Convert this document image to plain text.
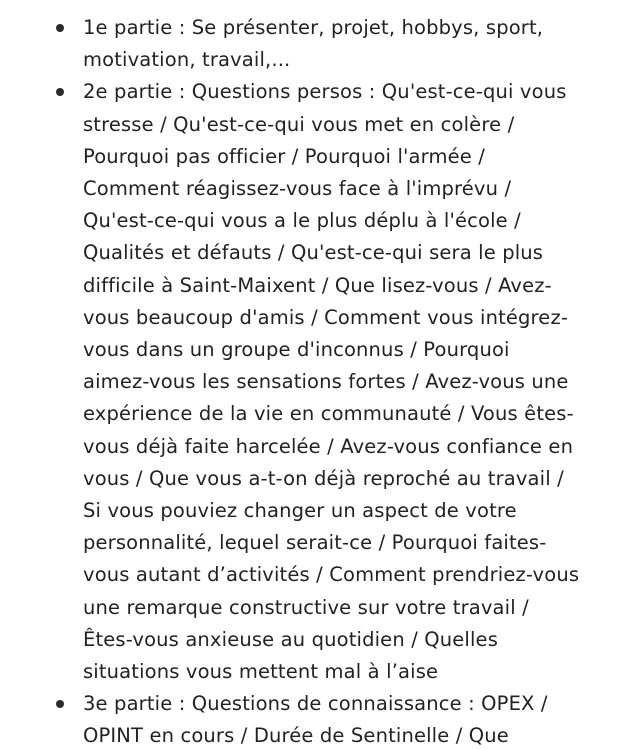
1e partie : Se présenter, projet, hobbys, sport,
motivation, travail,...
2e partie : Questions persos : Qu'est-ce-qui vous
stresse / Qu'est-ce-qui vous met en colère /
Pourquoi pas officier / Pourquoi l'armée /
Comment réagissez-vous face à l'imprévu /
Qu'est-ce-qui vous a le plus déplu à l'école /
Qualités et défauts / Qu'est-ce-qui sera le plus
difficile à Saint-Maixent / Que lisez-vous / Avez-
vous beaucoup d'amis / Comment vous intégrez-
vous dans un groupe d'inconnus / Pourquoi
aimez-vous les sensations fortes / Avez-vous une
expérience de la vie en communauté / Vous êtes-
vous déjà faite harcelée / Avez-vous confiance en
vous / Que vous a-t-on déjà reproché au travail /
Si vous pouviez changer un aspect de votre
personnalité, lequel serait-ce / Pourquoi faites-
vous autant d’activités / Comment prendriez-vous
une remarque constructive sur votre travail /
Êtes-vous anxieuse au quotidien / Quelles
situations vous mettent mal à l’aise
3e partie : Questions de connaissance : OPEX /
OPINT en cours / Durée de Sentinelle / Que
